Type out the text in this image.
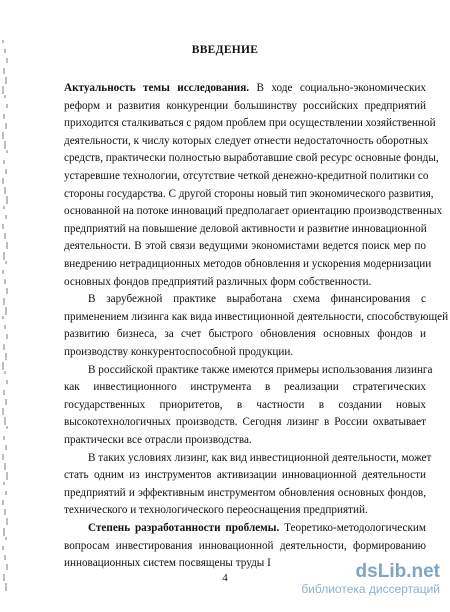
ВВЕДЕНИЕ
Актуальность темы исследования. В ходе социально-экономических
реформ и развития конкуренции большинству российских предприятий
приходится сталкиваться с рядом проблем при осуществлении хозяйственной
деятельности, к числу которых следует отнести недостаточность оборотных
средств, практически полностью выработавшие свой ресурс основные фонды,
устаревшие технологии, отсутствие четкой денежно-кредитной политики со
стороны государства. С другой стороны новый тип экономического развития,
основанной на потоке инноваций предполагает ориентацию производственных
предприятий на повышение деловой активности и развитие инновационной
деятельности. В этой связи ведущими экономистами ведется поиск мер по
внедрению нетрадиционных методов обновления и ускорения модернизации
основных фондов предприятий различных форм собственности.
В зарубежной практике выработана схема финансирования с
применением лизинга как вида инвестиционной деятельности, способствующей
развитию бизнеса, за счет быстрого обновления основных фондов и
производству конкурентоспособной продукции.
В российской практике также имеются примеры использования лизинга
как инвестиционного инструмента в реализации стратегических
государственных приоритетов, в частности в создании новых
высокотехнологичных производств. Сегодня лизинг в России охватывает
практически все отрасли производства.
В таких условиях лизинг, как вид инвестиционной деятельности, может
стать одним из инструментов активизации инновационной деятельности
предприятий и эффективным инструментом обновления основных фондов,
технического и технологического переоснащения предприятий.
Степень разработанности проблемы. Теоретико-методологическим
вопросам инвестирования инновационной деятельности, формированию
инновационных систем посвящены труды I
4	dsLib.net
библиотека диссертаций
